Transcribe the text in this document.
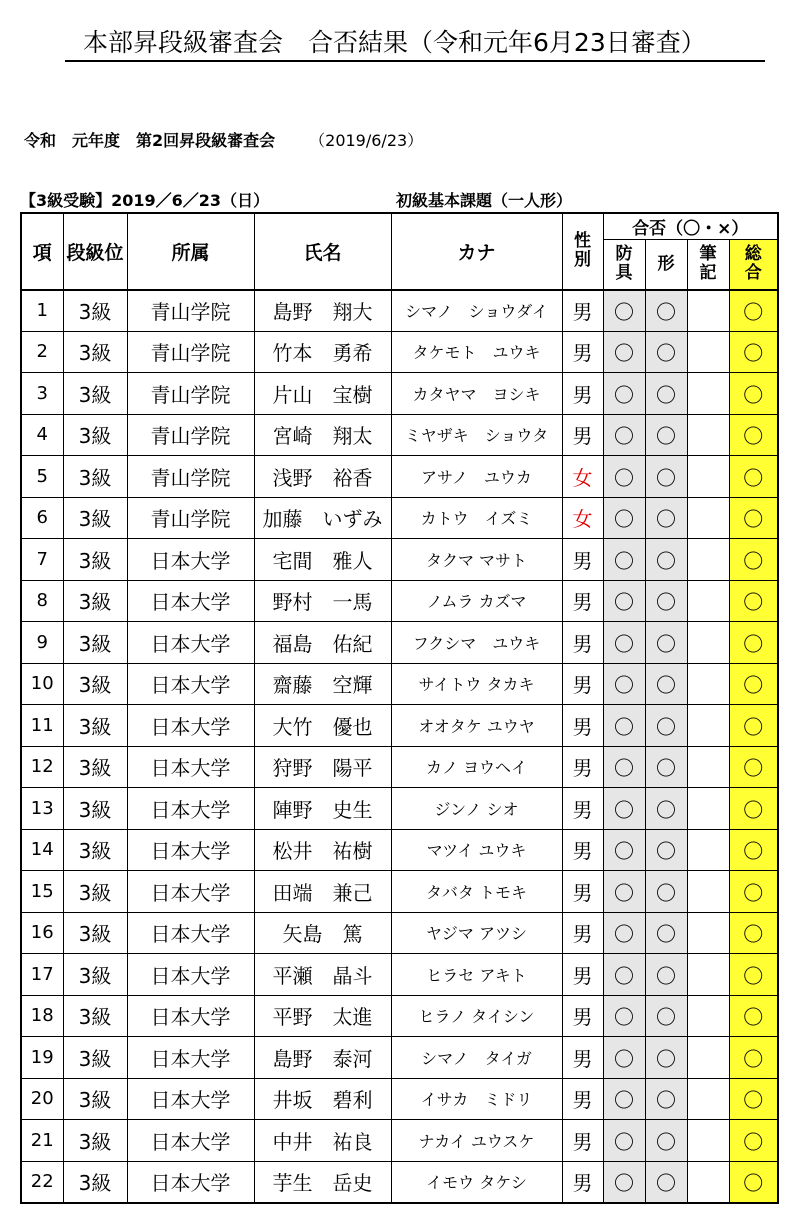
本部昇段級審査会　合否結果（令和元年6月23日審査）
令和　元年度　第2回昇段級審査会 （2019/6/23）
【3級受験】2019／6／23（日）	初級基本課題（一人形）
項	段級位	所属	氏名	カナ	性別	合否（〇・×）			
						防具	形	筆記	総合

1	3級	青山学院	島野　翔大	シマノ　ショウダイ	男	〇	〇		〇
2	3級	青山学院	竹本　勇希	タケモト　ユウキ	男	〇	〇		〇
3	3級	青山学院	片山　宝樹	カタヤマ　ヨシキ	男	〇	〇		〇
4	3級	青山学院	宮崎　翔太	ミヤザキ　ショウタ	男	〇	〇		〇
5	3級	青山学院	浅野　裕香	アサノ　ユウカ	女	〇	〇		〇
6	3級	青山学院	加藤　いずみ	カトウ　イズミ	女	〇	〇		〇
7	3級	日本大学	宅間　雅人	タクマ マサト	男	〇	〇		〇
8	3級	日本大学	野村　一馬	ノムラ カズマ	男	〇	〇		〇
9	3級	日本大学	福島　佑紀	フクシマ　ユウキ	男	〇	〇		〇
10	3級	日本大学	齋藤　空輝	サイトウ タカキ	男	〇	〇		〇
11	3級	日本大学	大竹　優也	オオタケ ユウヤ	男	〇	〇		〇
12	3級	日本大学	狩野　陽平	カノ ヨウヘイ	男	〇	〇		〇
13	3級	日本大学	陣野　史生	ジンノ シオ	男	〇	〇		〇
14	3級	日本大学	松井　祐樹	マツイ ユウキ	男	〇	〇		〇
15	3級	日本大学	田端　兼己	タバタ トモキ	男	〇	〇		〇
16	3級	日本大学	矢島　篤	ヤジマ アツシ	男	〇	〇		〇
17	3級	日本大学	平瀬　晶斗	ヒラセ アキト	男	〇	〇		〇
18	3級	日本大学	平野　太進	ヒラノ タイシン	男	〇	〇		〇
19	3級	日本大学	島野　泰河	シマノ　タイガ	男	〇	〇		〇
20	3級	日本大学	井坂　碧利	イサカ　ミドリ	男	〇	〇		〇
21	3級	日本大学	中井　祐良	ナカイ ユウスケ	男	〇	〇		〇
22	3級	日本大学	芋生　岳史	イモウ タケシ	男	〇	〇		〇
